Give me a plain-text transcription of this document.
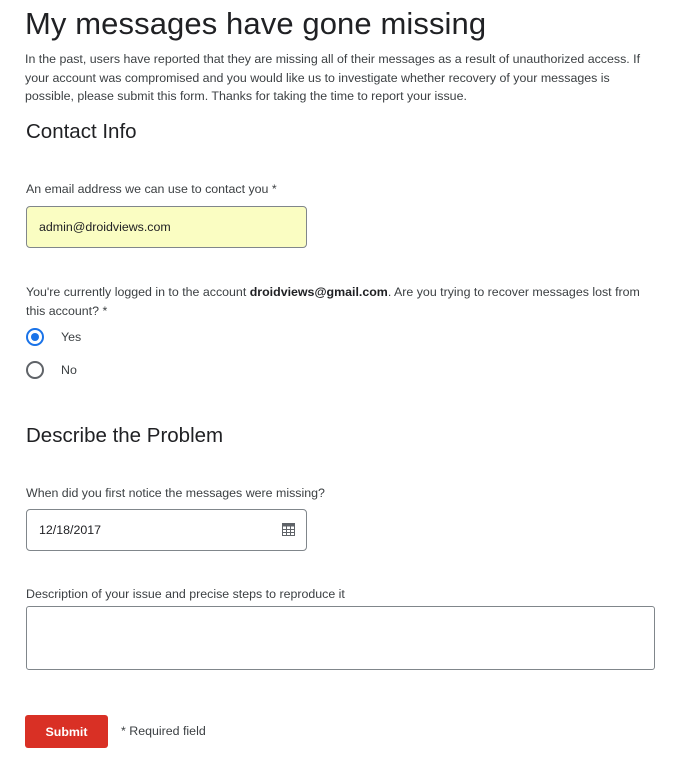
My messages have gone missing

In the past, users have reported that they are missing all of their messages as a result of unauthorized access. If your account was compromised and you would like us to investigate whether recovery of your messages is possible, please submit this form. Thanks for taking the time to report your issue.

Contact Info

An email address we can use to contact you *

admin@droidviews.com

You're currently logged in to the account droidviews@gmail.com. Are you trying to recover messages lost from this account? *

Yes
No
Describe the Problem

When did you first notice the messages were missing?

12/18/2017

Description of your issue and precise steps to reproduce it

Submit	* Required field
